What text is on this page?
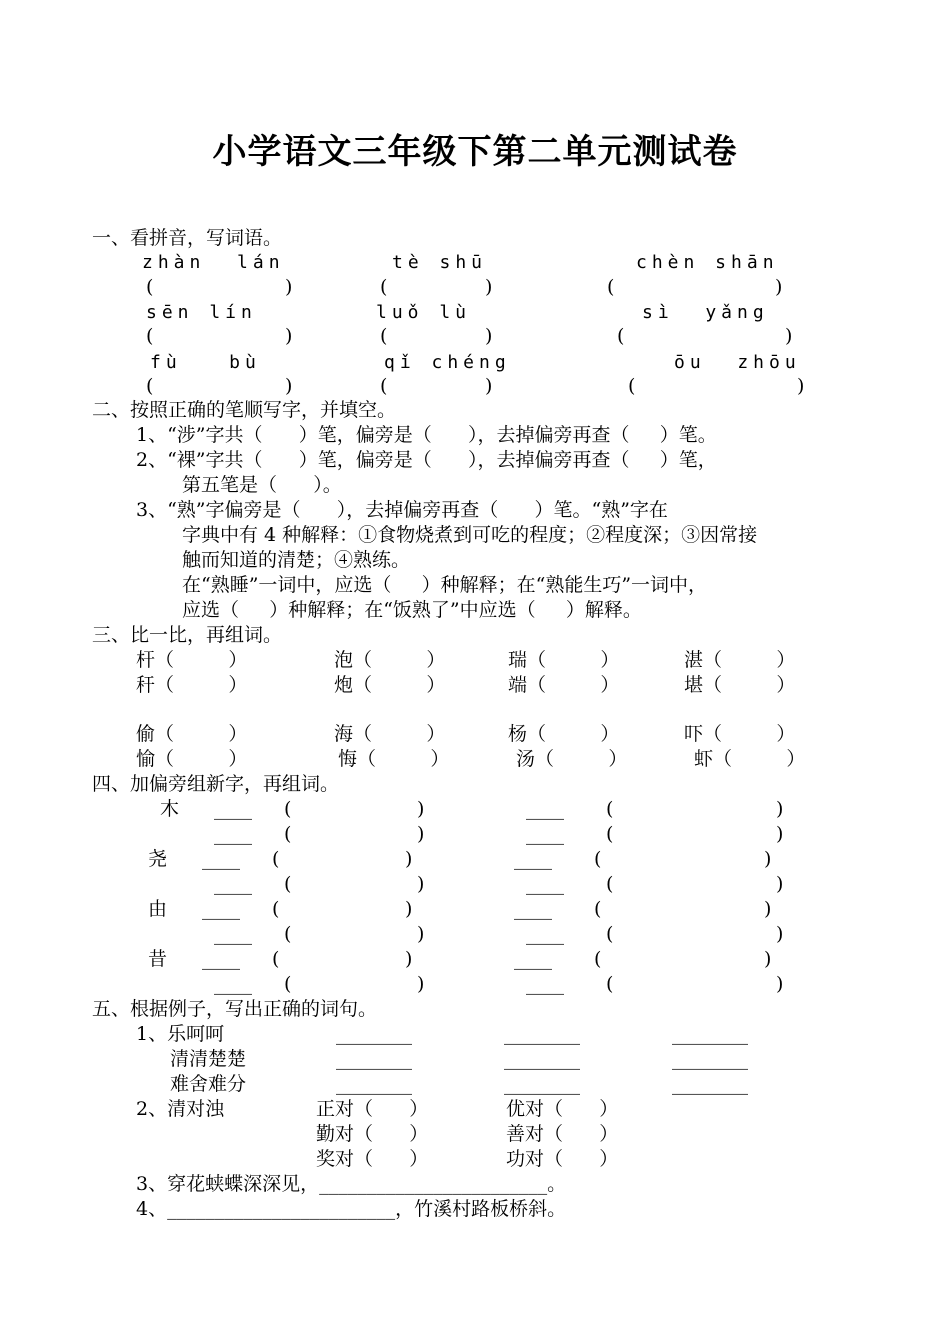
小学语文三年级下第二单元测试卷
一、看拼音，写词语。
zhàn  lán	tè shū	chèn shān
(	)	(	)	(	)
sēn lín	luǒ lù	sì  yǎng
(	)	(	)	(	)
fù   bù	qǐ chéng	ōu  zhōu
(	)	(	)	(	)
二、按照正确的笔顺写字，并填空。
1、“涉”字共（      ）笔，偏旁是（      ），去掉偏旁再查（     ）笔。
2、“裸”字共（      ）笔，偏旁是（      ），去掉偏旁再查（     ）笔，
第五笔是（      ）。
3、“熟”字偏旁是（      ），去掉偏旁再查（      ）笔。“熟”字在
字典中有 4 种解释：①食物烧煮到可吃的程度；②程度深；③因常接
触而知道的清楚；④熟练。
在“熟睡”一词中，应选（     ）种解释；在“熟能生巧”一词中，
应选（     ）种解释；在“饭熟了”中应选（     ）解释。
三、比一比，再组词。
杆（         ）	泡（         ）	瑞（         ）	湛（         ）
秆（         ）	炮（         ）	端（         ）	堪（         ）
偷（         ）	海（         ）	杨（         ）	吓（         ）
愉（         ）	悔（         ）	汤（         ）	虾（         ）
四、加偏旁组新字，再组词。
木 ____ (	)	____ (	)
____ (	)	____ (	)
尧 ____ (	)	____ (	)
____ (	)	____ (	)
由 ____ (	)	____ (	)
____ (	)	____ (	)
昔 ____ (	)	____ (	)
____ (	)	____ (	)
五、根据例子，写出正确的词句。
1、乐呵呵	________	________	________
清清楚楚	________	________	________
难舍难分	________	________	________
2、清对浊	正对（      ）	优对（      ）
勤对（      ）	善对（      ）
奖对（      ）	功对（      ）
3、穿花蛱蝶深深见，________________________。
4、________________________，竹溪村路板桥斜。
